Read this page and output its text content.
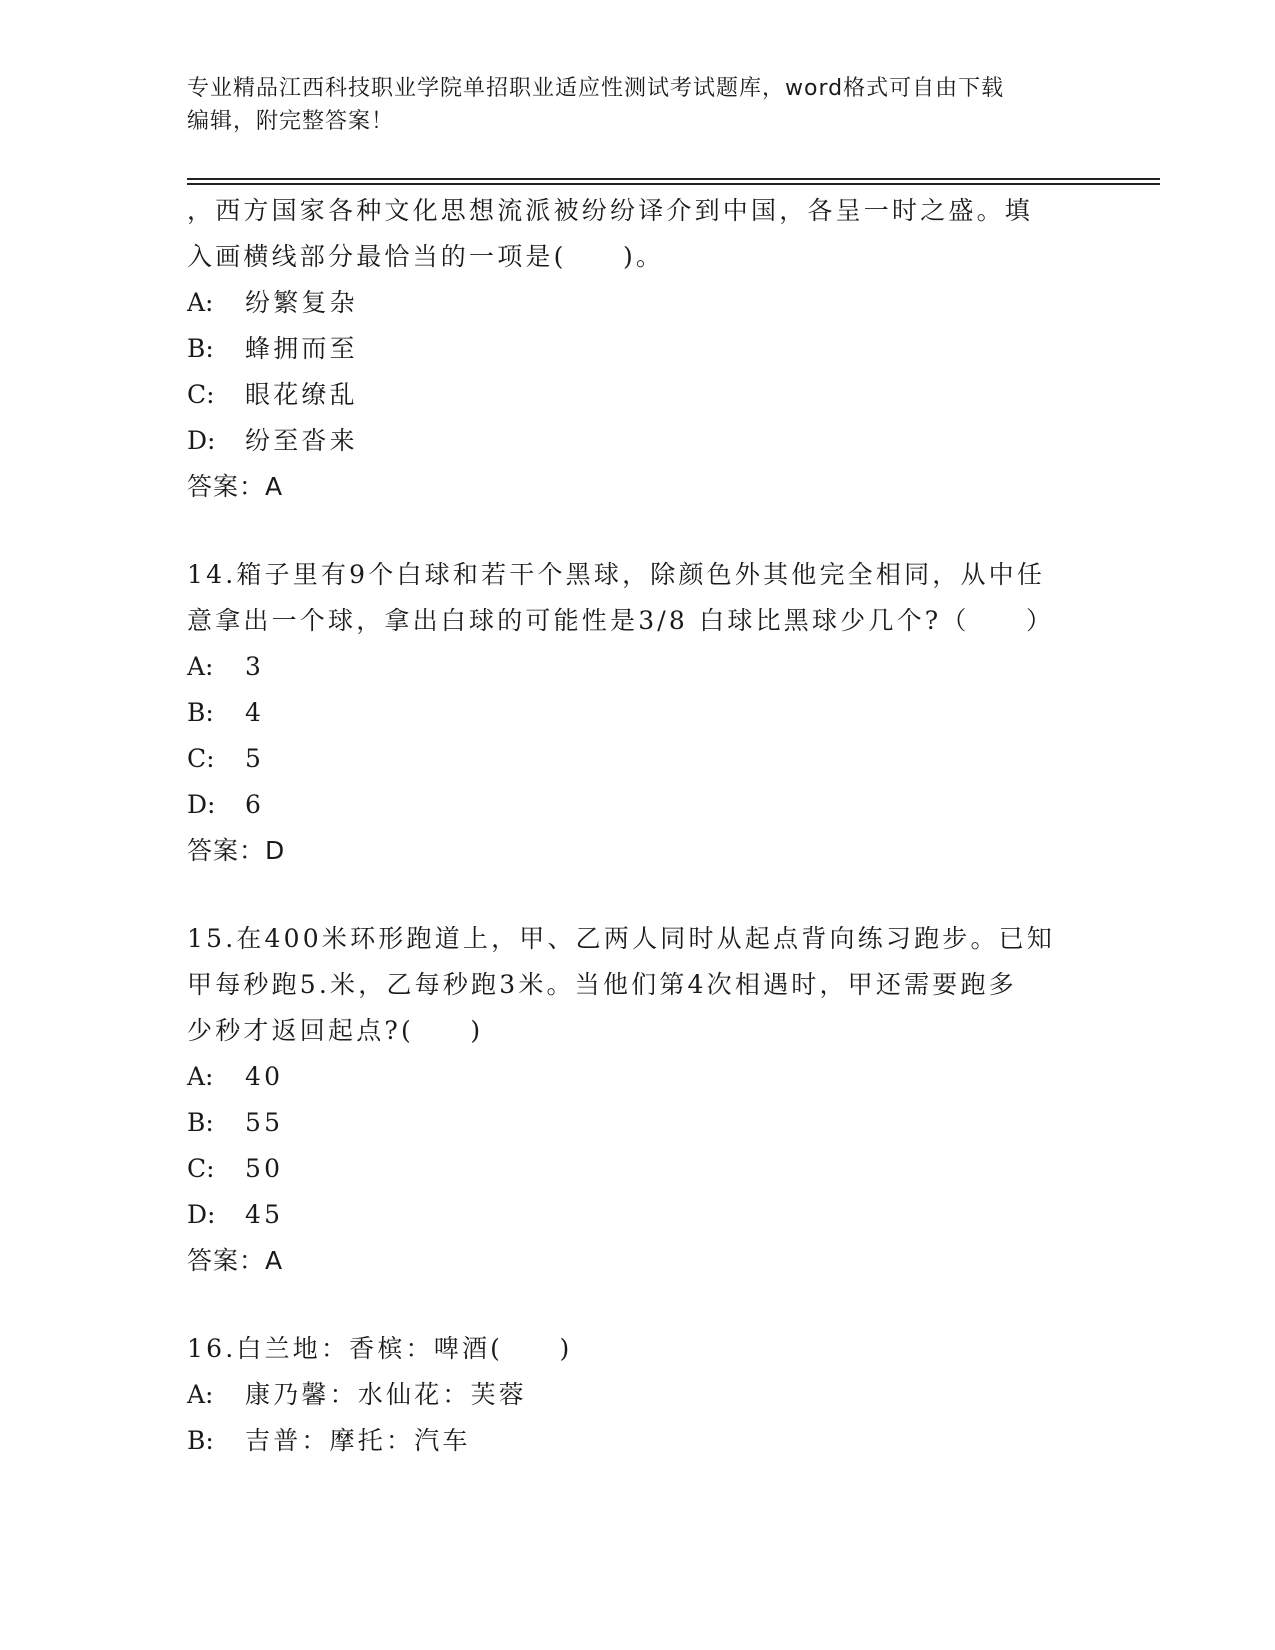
专业精品江西科技职业学院单招职业适应性测试考试题库，word格式可自由下载
编辑，附完整答案！

，西方国家各种文化思想流派被纷纷译介到中国，各呈一时之盛。填

入画横线部分最恰当的一项是(　　)。

A: 纷繁复杂

B: 蜂拥而至

C: 眼花缭乱

D: 纷至沓来

答案：A

14.箱子里有9个白球和若干个黑球，除颜色外其他完全相同，从中任

意拿出一个球，拿出白球的可能性是3/8 白球比黑球少几个?（　　）

A: 3

B: 4

C: 5

D: 6

答案：D

15.在400米环形跑道上，甲、乙两人同时从起点背向练习跑步。已知

甲每秒跑5.米，乙每秒跑3米。当他们第4次相遇时，甲还需要跑多

少秒才返回起点?(　　)

A: 40

B: 55

C: 50

D: 45

答案：A

16.白兰地：香槟：啤酒(　　)

A: 康乃馨：水仙花：芙蓉

B: 吉普：摩托：汽车
